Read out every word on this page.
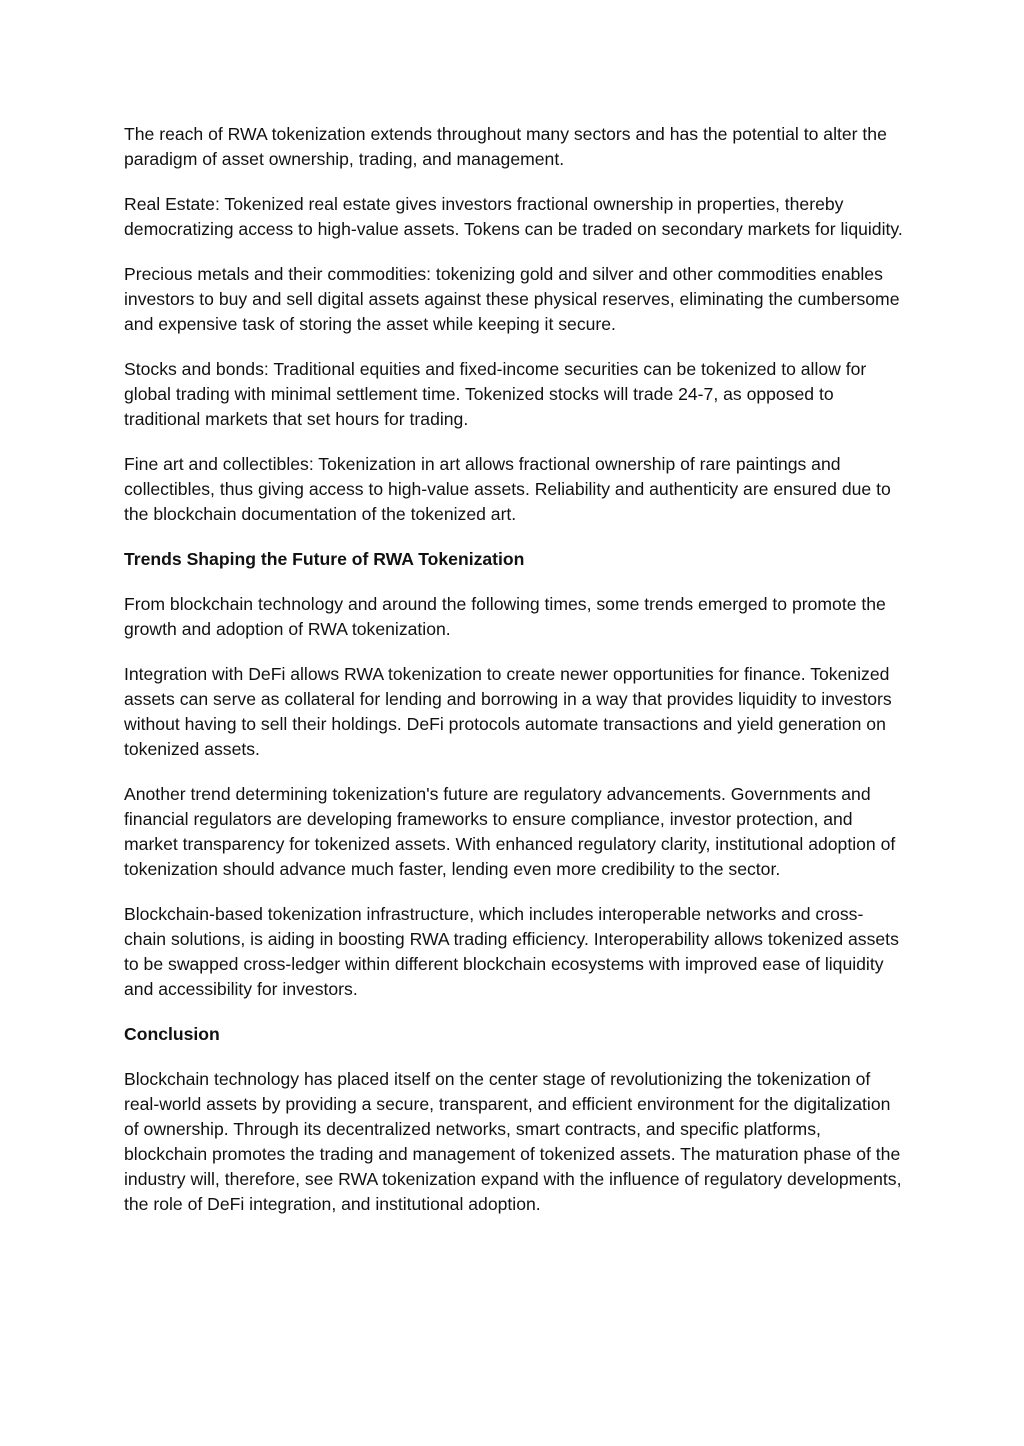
The reach of RWA tokenization extends throughout many sectors and has the potential to alter the paradigm of asset ownership, trading, and management.

Real Estate: Tokenized real estate gives investors fractional ownership in properties, thereby democratizing access to high-value assets. Tokens can be traded on secondary markets for liquidity.

Precious metals and their commodities: tokenizing gold and silver and other commodities enables investors to buy and sell digital assets against these physical reserves, eliminating the cumbersome and expensive task of storing the asset while keeping it secure.

Stocks and bonds: Traditional equities and fixed-income securities can be tokenized to allow for global trading with minimal settlement time. Tokenized stocks will trade 24-7, as opposed to traditional markets that set hours for trading.

Fine art and collectibles: Tokenization in art allows fractional ownership of rare paintings and collectibles, thus giving access to high-value assets. Reliability and authenticity are ensured due to the blockchain documentation of the tokenized art.

Trends Shaping the Future of RWA Tokenization

From blockchain technology and around the following times, some trends emerged to promote the growth and adoption of RWA tokenization.

Integration with DeFi allows RWA tokenization to create newer opportunities for finance. Tokenized assets can serve as collateral for lending and borrowing in a way that provides liquidity to investors without having to sell their holdings. DeFi protocols automate transactions and yield generation on tokenized assets.

Another trend determining tokenization's future are regulatory advancements. Governments and financial regulators are developing frameworks to ensure compliance, investor protection, and market transparency for tokenized assets. With enhanced regulatory clarity, institutional adoption of tokenization should advance much faster, lending even more credibility to the sector.

Blockchain-based tokenization infrastructure, which includes interoperable networks and cross-chain solutions, is aiding in boosting RWA trading efficiency. Interoperability allows tokenized assets to be swapped cross-ledger within different blockchain ecosystems with improved ease of liquidity and accessibility for investors.

Conclusion

Blockchain technology has placed itself on the center stage of revolutionizing the tokenization of real-world assets by providing a secure, transparent, and efficient environment for the digitalization of ownership. Through its decentralized networks, smart contracts, and specific platforms, blockchain promotes the trading and management of tokenized assets. The maturation phase of the industry will, therefore, see RWA tokenization expand with the influence of regulatory developments, the role of DeFi integration, and institutional adoption.
